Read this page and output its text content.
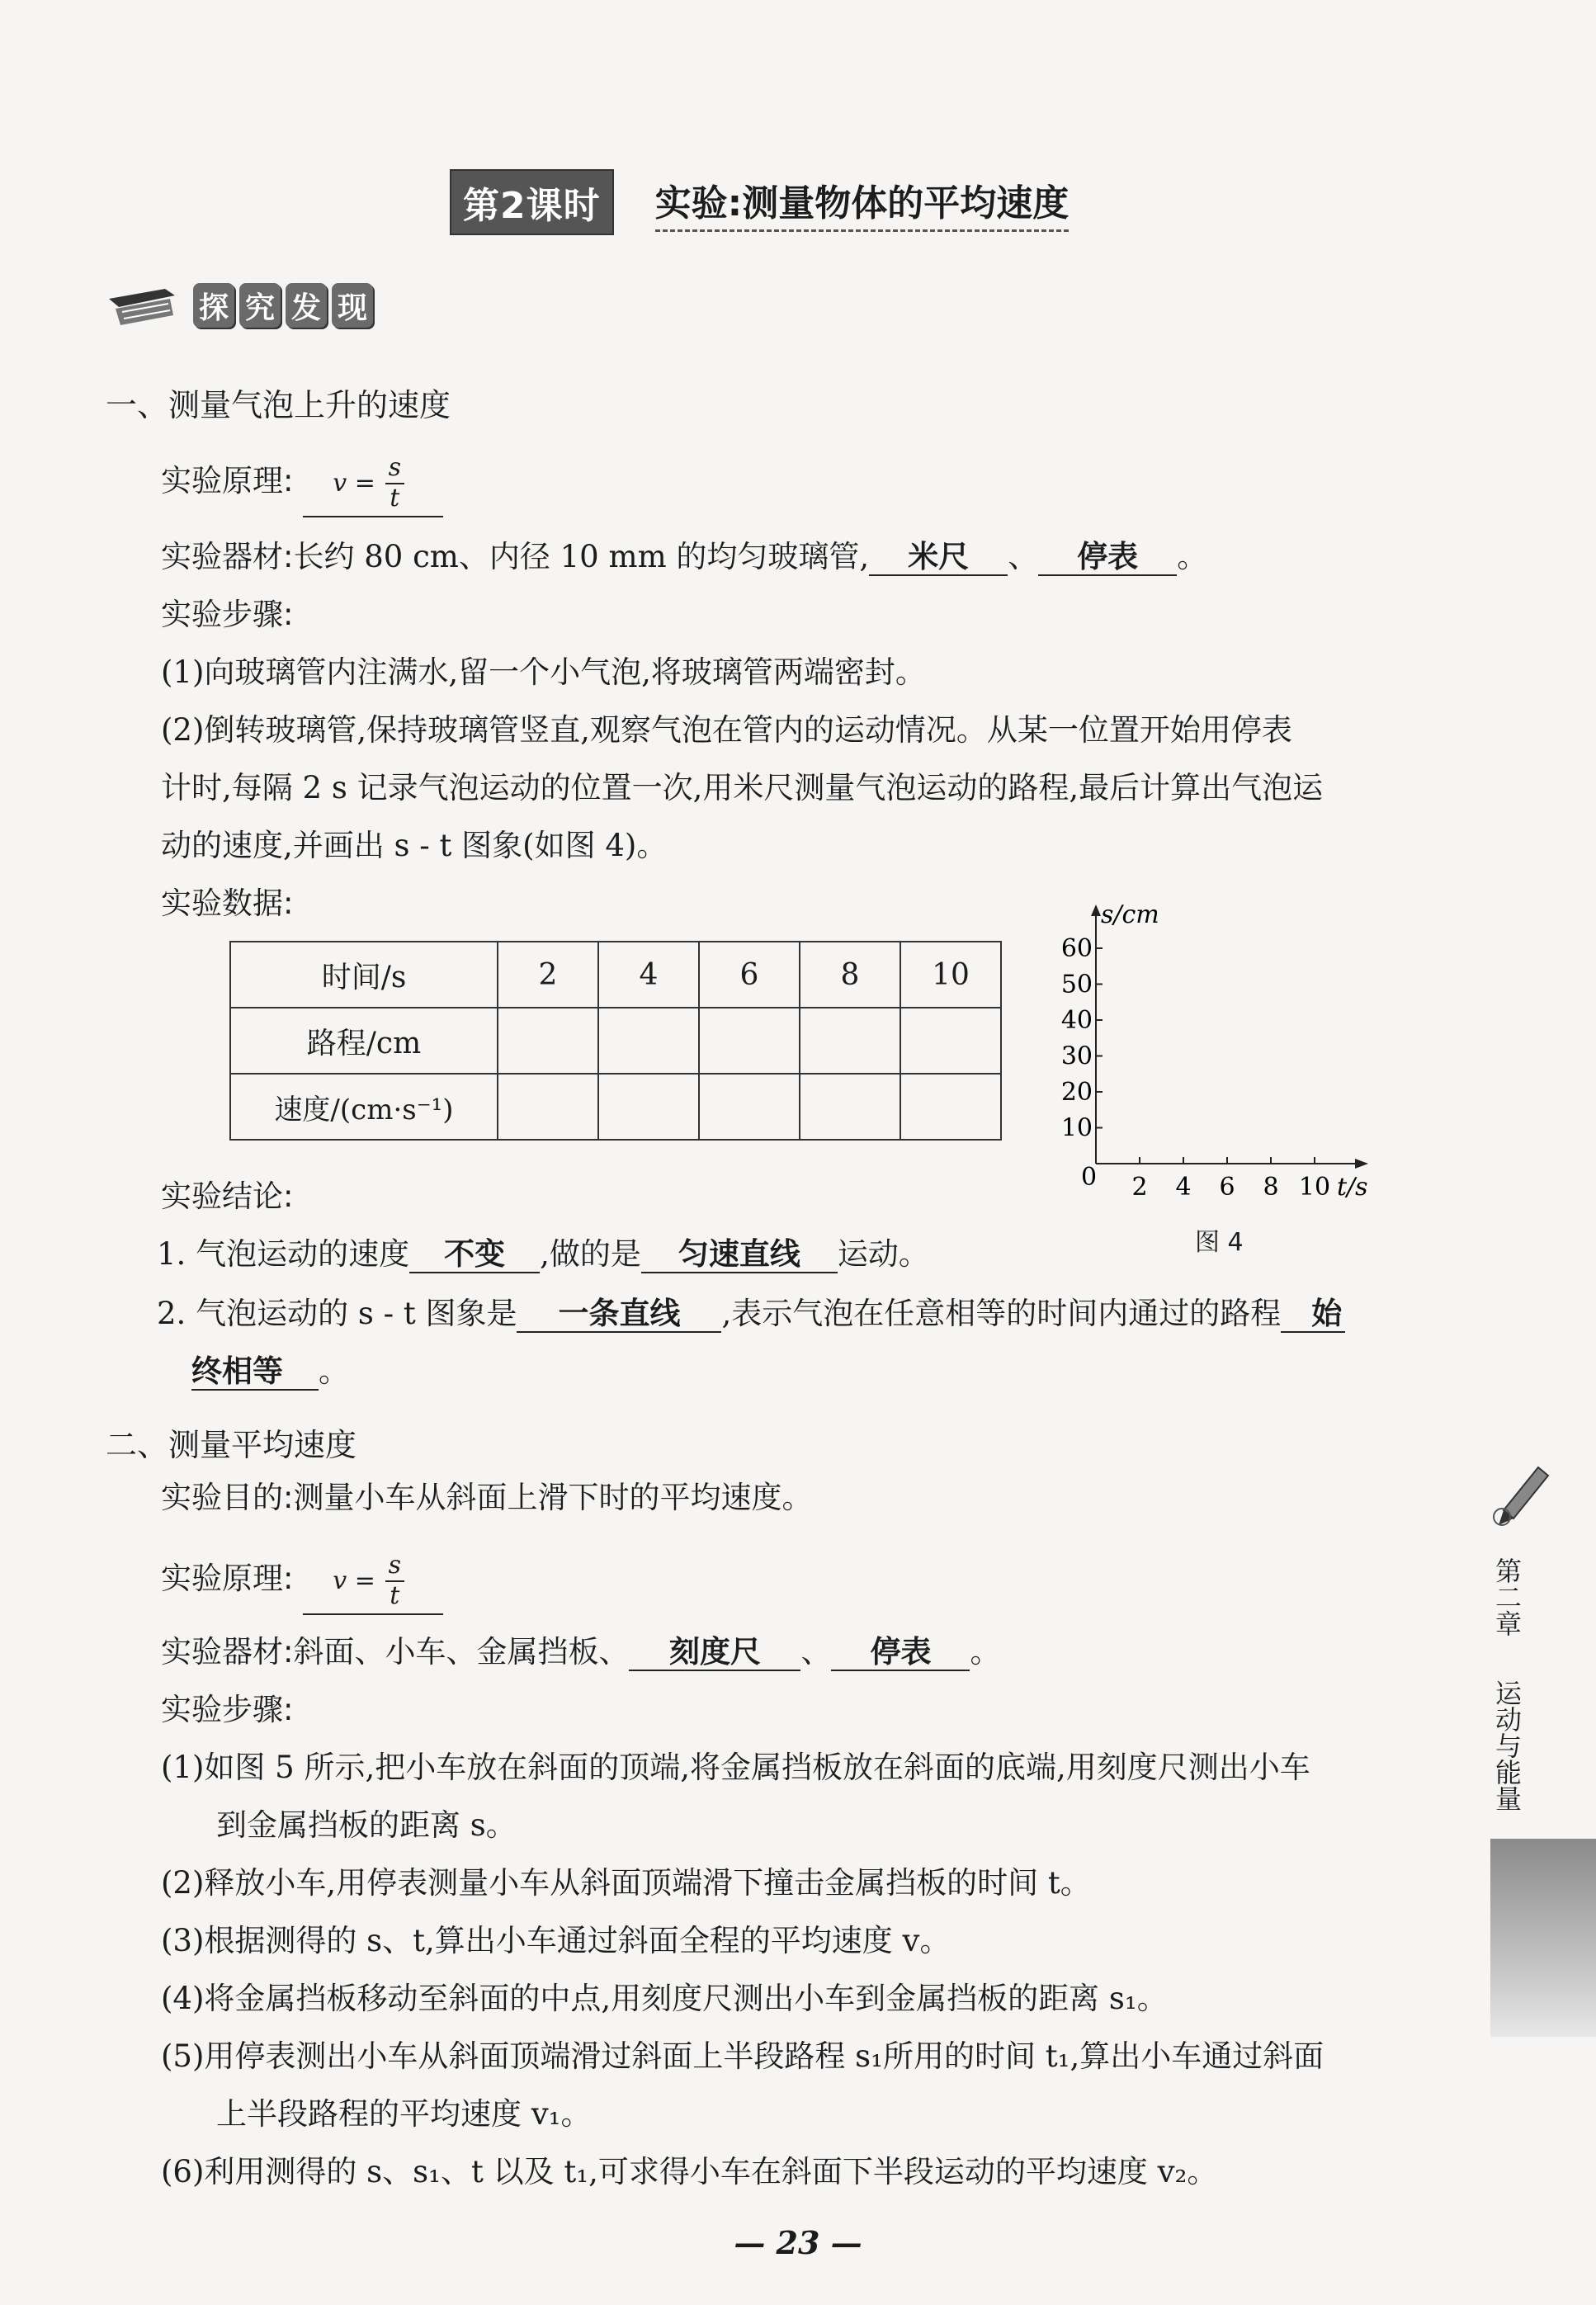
第2课时	实验:测量物体的平均速度
探 究 发 现
一、测量气泡上升的速度
实验原理: $v = \frac{s}{t}$
实验器材:长约 80 cm、内径 10 mm 的均匀玻璃管, 米尺 、 停表 。
实验步骤:
(1)向玻璃管内注满水,留一个小气泡,将玻璃管两端密封。
(2)倒转玻璃管,保持玻璃管竖直,观察气泡在管内的运动情况。从某一位置开始用停表
计时,每隔 2 s 记录气泡运动的位置一次,用米尺测量气泡运动的路程,最后计算出气泡运
动的速度,并画出 s - t 图象(如图 4)。
实验数据:
时间/s	2	4	6	8	10
路程/cm					
速度/(cm·s⁻¹)					
s/cm
t/s
0
10
20
30
40
50
60
2 4 6 8 10
图 4
实验结论:
1. 气泡运动的速度 不变 ,做的是 匀速直线 运动。
2. 气泡运动的 s - t 图象是 一条直线 ,表示气泡在任意相等的时间内通过的路程 始
终相等 。
二、测量平均速度
实验目的:测量小车从斜面上滑下时的平均速度。
实验原理: $v = \frac{s}{t}$
实验器材:斜面、小车、金属挡板、 刻度尺 、 停表 。
实验步骤:
(1)如图 5 所示,把小车放在斜面的顶端,将金属挡板放在斜面的底端,用刻度尺测出小车
到金属挡板的距离 s。
(2)释放小车,用停表测量小车从斜面顶端滑下撞击金属挡板的时间 t。
(3)根据测得的 s、t,算出小车通过斜面全程的平均速度 v。
(4)将金属挡板移动至斜面的中点,用刻度尺测出小车到金属挡板的距离 s₁。
(5)用停表测出小车从斜面顶端滑过斜面上半段路程 s₁所用的时间 t₁,算出小车通过斜面
上半段路程的平均速度 v₁。
(6)利用测得的 s、s₁、t 以及 t₁,可求得小车在斜面下半段运动的平均速度 v₂。
第二章
运动与能量
— 23 —
